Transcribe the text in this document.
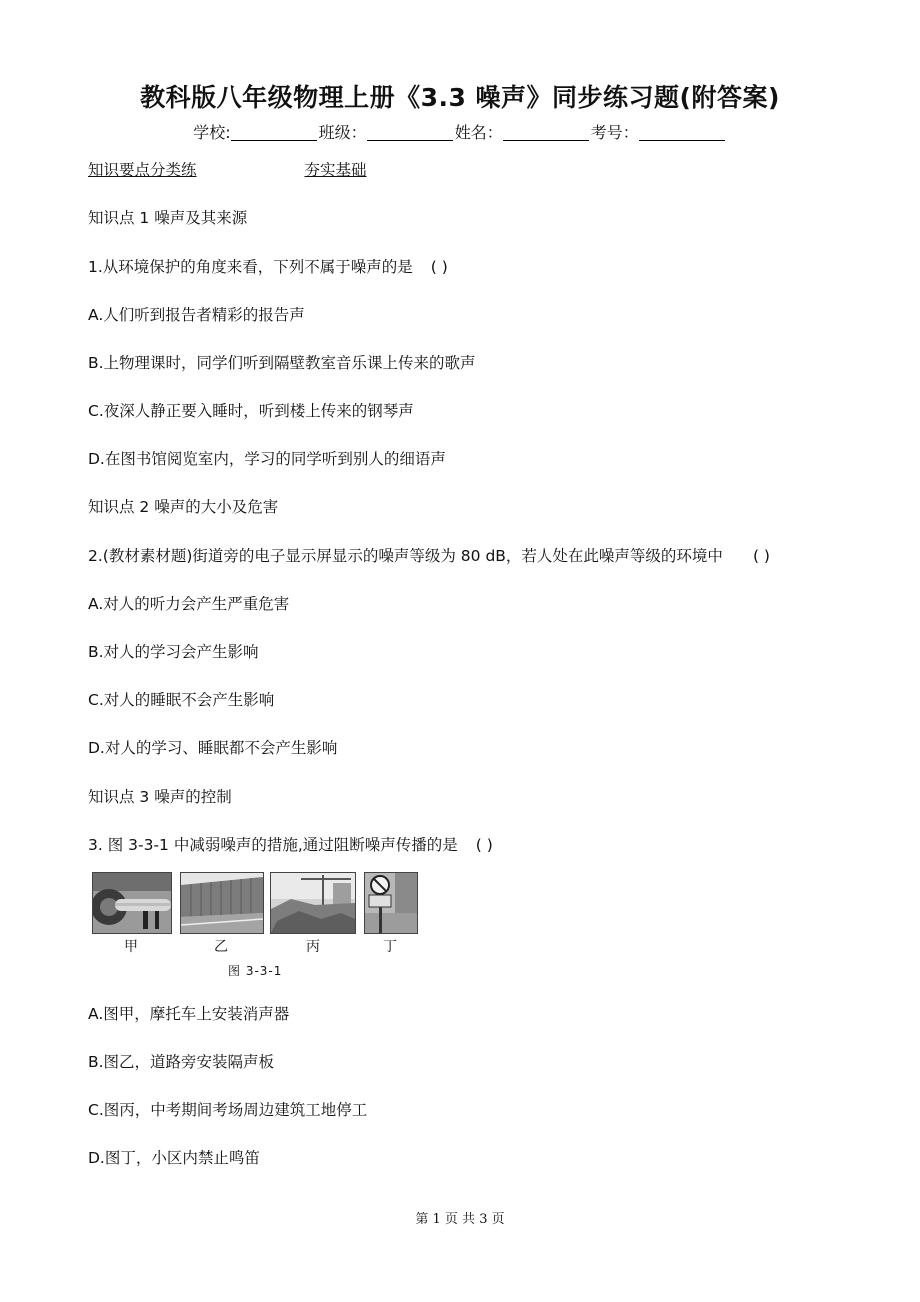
教科版八年级物理上册《3.3 噪声》同步练习题(附答案)
学校:	班级：	姓名：	考号：
知识要点分类练	夯实基础
知识点 1 噪声及其来源
1.从环境保护的角度来看，下列不属于噪声的是 ( )
A.人们听到报告者精彩的报告声
B.上物理课时，同学们听到隔壁教室音乐课上传来的歌声
C.夜深人静正要入睡时，听到楼上传来的钢琴声
D.在图书馆阅览室内，学习的同学听到别人的细语声
知识点 2 噪声的大小及危害
2.(教材素材题)街道旁的电子显示屏显示的噪声等级为 80 dB，若人处在此噪声等级的环境中 ( )
A.对人的听力会产生严重危害
B.对人的学习会产生影响
C.对人的睡眠不会产生影响
D.对人的学习、睡眠都不会产生影响
知识点 3 噪声的控制
3. 图 3-3-1 中减弱噪声的措施,通过阻断噪声传播的是 ( )
甲	乙	丙	丁
图 3-3-1
A.图甲，摩托车上安装消声器
B.图乙，道路旁安装隔声板
C.图丙，中考期间考场周边建筑工地停工
D.图丁，小区内禁止鸣笛
第 1 页 共 3 页
